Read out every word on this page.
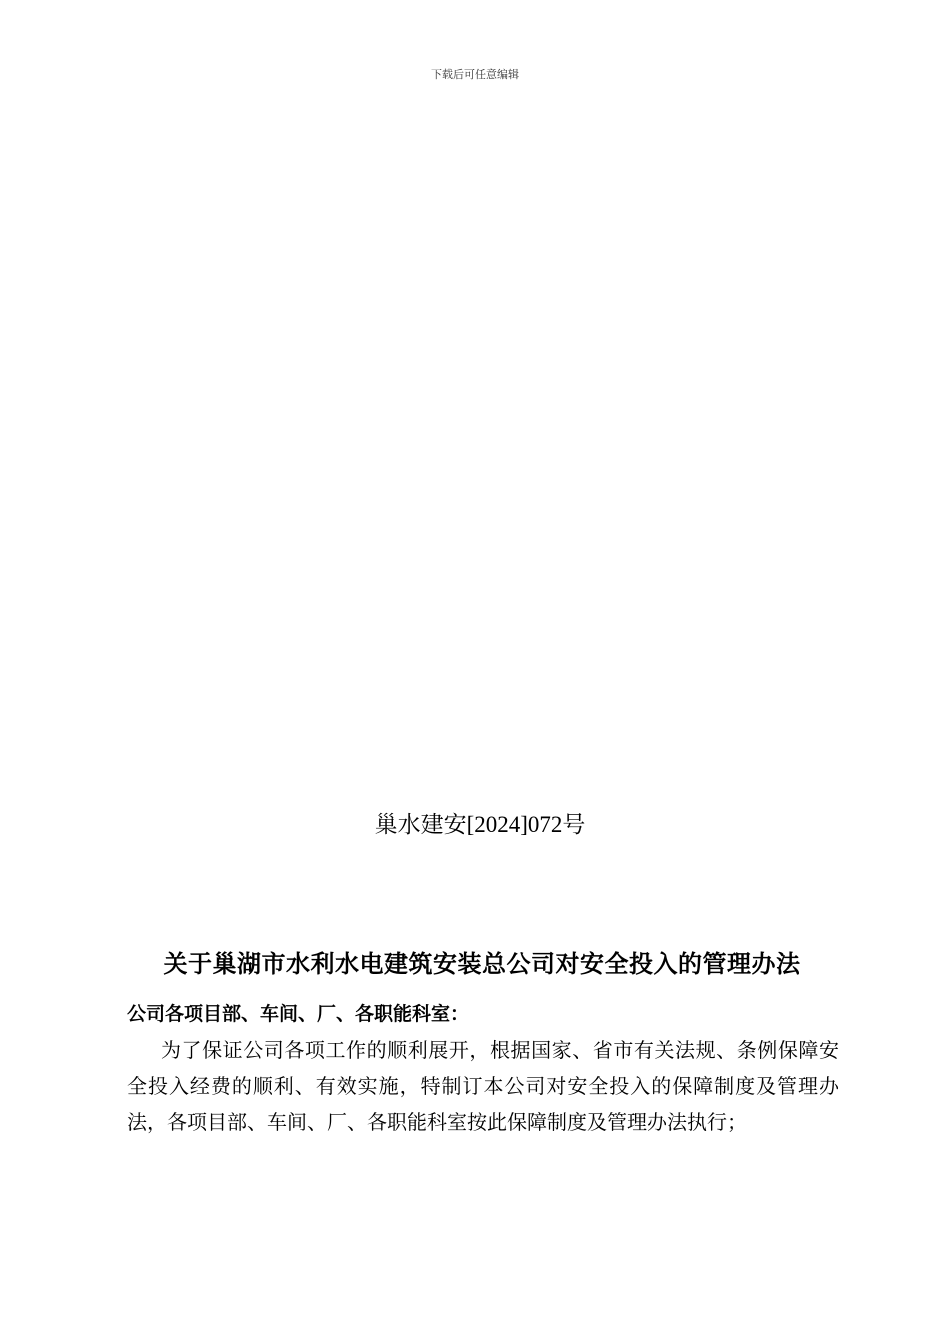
下载后可任意编辑
巢水建安[2024]072号
关于巢湖市水利水电建筑安装总公司对安全投入的管理办法
公司各项目部、车间、厂、各职能科室：

为了保证公司各项工作的顺利展开，根据国家、省市有关法规、条例保障安全投入经费的顺利、有效实施，特制订本公司对安全投入的保障制度及管理办法，各项目部、车间、厂、各职能科室按此保障制度及管理办法执行；
